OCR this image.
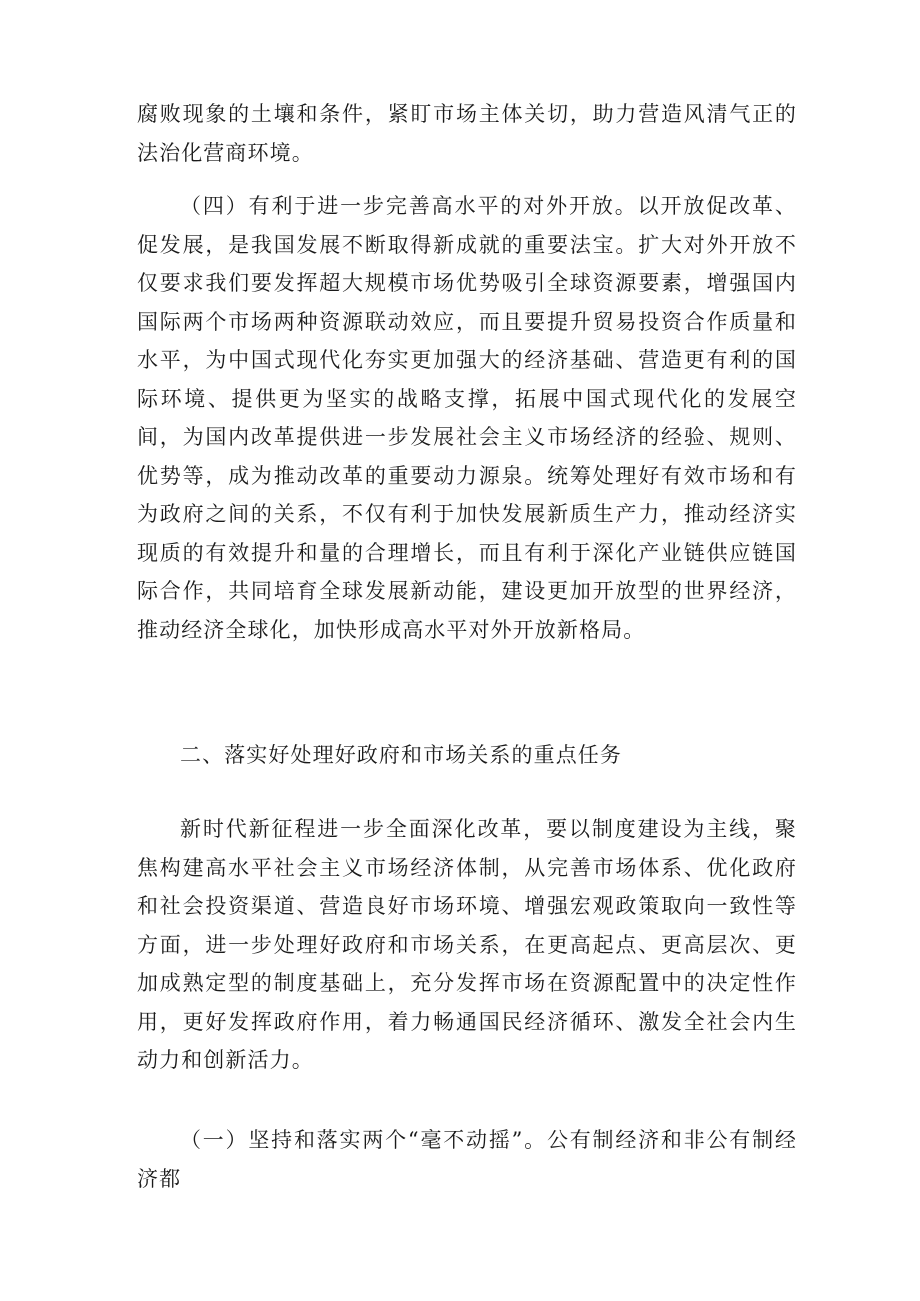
腐败现象的土壤和条件，紧盯市场主体关切，助力营造风清气正的法治化营商环境。

（四）有利于进一步完善高水平的对外开放。以开放促改革、促发展，是我国发展不断取得新成就的重要法宝。扩大对外开放不仅要求我们要发挥超大规模市场优势吸引全球资源要素，增强国内国际两个市场两种资源联动效应，而且要提升贸易投资合作质量和水平，为中国式现代化夯实更加强大的经济基础、营造更有利的国际环境、提供更为坚实的战略支撑，拓展中国式现代化的发展空间，为国内改革提供进一步发展社会主义市场经济的经验、规则、优势等，成为推动改革的重要动力源泉。统筹处理好有效市场和有为政府之间的关系，不仅有利于加快发展新质生产力，推动经济实现质的有效提升和量的合理增长，而且有利于深化产业链供应链国际合作，共同培育全球发展新动能，建设更加开放型的世界经济，推动经济全球化，加快形成高水平对外开放新格局。

二、落实好处理好政府和市场关系的重点任务

新时代新征程进一步全面深化改革，要以制度建设为主线，聚焦构建高水平社会主义市场经济体制，从完善市场体系、优化政府和社会投资渠道、营造良好市场环境、增强宏观政策取向一致性等方面，进一步处理好政府和市场关系，在更高起点、更高层次、更加成熟定型的制度基础上，充分发挥市场在资源配置中的决定性作用，更好发挥政府作用，着力畅通国民经济循环、激发全社会内生动力和创新活力。

（一）坚持和落实两个“毫不动摇”。公有制经济和非公有制经济都
